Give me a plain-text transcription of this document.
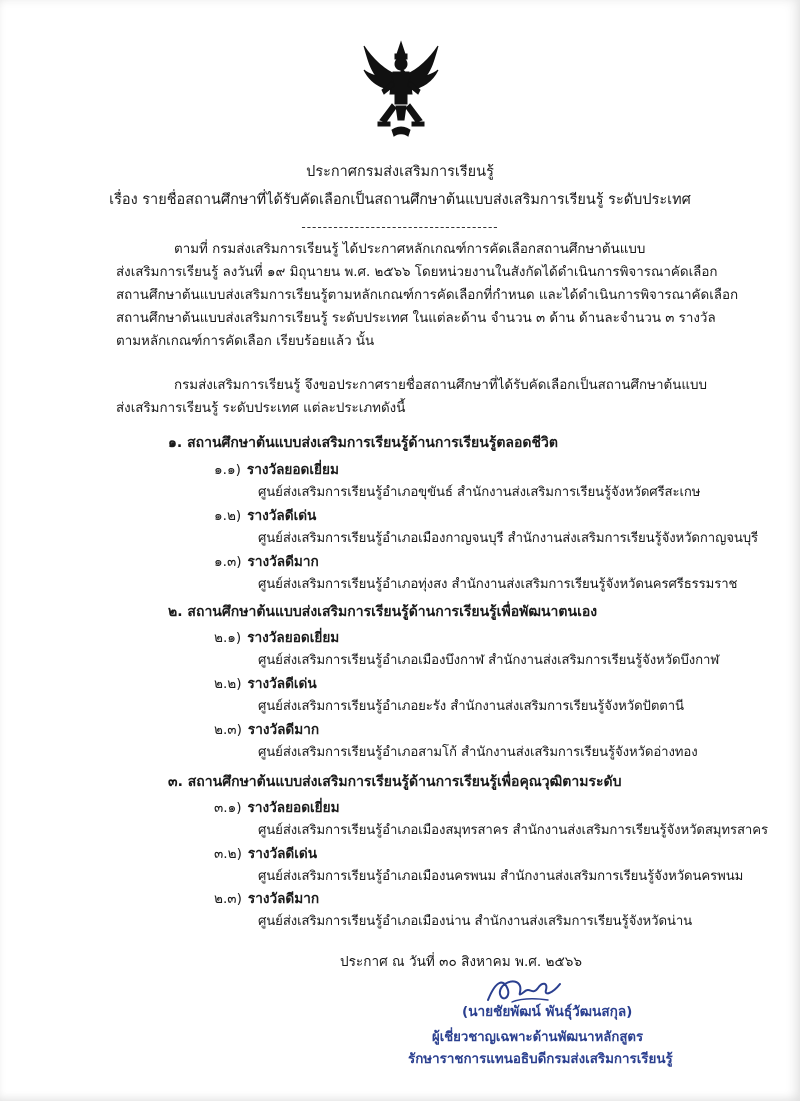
ประกาศกรมส่งเสริมการเรียนรู้
เรื่อง รายชื่อสถานศึกษาที่ได้รับคัดเลือกเป็นสถานศึกษาต้นแบบส่งเสริมการเรียนรู้ ระดับประเทศ
-------------------------------------
ตามที่ กรมส่งเสริมการเรียนรู้ ได้ประกาศหลักเกณฑ์การคัดเลือกสถานศึกษาต้นแบบ
ส่งเสริมการเรียนรู้ ลงวันที่ ๑๙ มิถุนายน พ.ศ. ๒๕๖๖ โดยหน่วยงานในสังกัดได้ดำเนินการพิจารณาคัดเลือก
สถานศึกษาต้นแบบส่งเสริมการเรียนรู้ตามหลักเกณฑ์การคัดเลือกที่กำหนด และได้ดำเนินการพิจารณาคัดเลือก
สถานศึกษาต้นแบบส่งเสริมการเรียนรู้ ระดับประเทศ ในแต่ละด้าน จำนวน ๓ ด้าน ด้านละจำนวน ๓ รางวัล
ตามหลักเกณฑ์การคัดเลือก เรียบร้อยแล้ว นั้น
กรมส่งเสริมการเรียนรู้ จึงขอประกาศรายชื่อสถานศึกษาที่ได้รับคัดเลือกเป็นสถานศึกษาต้นแบบ
ส่งเสริมการเรียนรู้ ระดับประเทศ แต่ละประเภทดังนี้
๑. สถานศึกษาต้นแบบส่งเสริมการเรียนรู้ด้านการเรียนรู้ตลอดชีวิต
๑.๑) รางวัลยอดเยี่ยม
ศูนย์ส่งเสริมการเรียนรู้อำเภอขุขันธ์ สำนักงานส่งเสริมการเรียนรู้จังหวัดศรีสะเกษ
๑.๒) รางวัลดีเด่น
ศูนย์ส่งเสริมการเรียนรู้อำเภอเมืองกาญจนบุรี สำนักงานส่งเสริมการเรียนรู้จังหวัดกาญจนบุรี
๑.๓) รางวัลดีมาก
ศูนย์ส่งเสริมการเรียนรู้อำเภอทุ่งสง สำนักงานส่งเสริมการเรียนรู้จังหวัดนครศรีธรรมราช
๒. สถานศึกษาต้นแบบส่งเสริมการเรียนรู้ด้านการเรียนรู้เพื่อพัฒนาตนเอง
๒.๑) รางวัลยอดเยี่ยม
ศูนย์ส่งเสริมการเรียนรู้อำเภอเมืองบึงกาฬ สำนักงานส่งเสริมการเรียนรู้จังหวัดบึงกาฬ
๒.๒) รางวัลดีเด่น
ศูนย์ส่งเสริมการเรียนรู้อำเภอยะรัง สำนักงานส่งเสริมการเรียนรู้จังหวัดปัตตานี
๒.๓) รางวัลดีมาก
ศูนย์ส่งเสริมการเรียนรู้อำเภอสามโก้ สำนักงานส่งเสริมการเรียนรู้จังหวัดอ่างทอง
๓. สถานศึกษาต้นแบบส่งเสริมการเรียนรู้ด้านการเรียนรู้เพื่อคุณวุฒิตามระดับ
๓.๑) รางวัลยอดเยี่ยม
ศูนย์ส่งเสริมการเรียนรู้อำเภอเมืองสมุทรสาคร สำนักงานส่งเสริมการเรียนรู้จังหวัดสมุทรสาคร
๓.๒) รางวัลดีเด่น
ศูนย์ส่งเสริมการเรียนรู้อำเภอเมืองนครพนม สำนักงานส่งเสริมการเรียนรู้จังหวัดนครพนม
๒.๓) รางวัลดีมาก
ศูนย์ส่งเสริมการเรียนรู้อำเภอเมืองน่าน สำนักงานส่งเสริมการเรียนรู้จังหวัดน่าน
ประกาศ ณ วันที่ ๓๐ สิงหาคม พ.ศ. ๒๕๖๖
(นายชัยพัฒน์ พันธุ์วัฒนสกุล)
ผู้เชี่ยวชาญเฉพาะด้านพัฒนาหลักสูตร
รักษาราชการแทนอธิบดีกรมส่งเสริมการเรียนรู้
